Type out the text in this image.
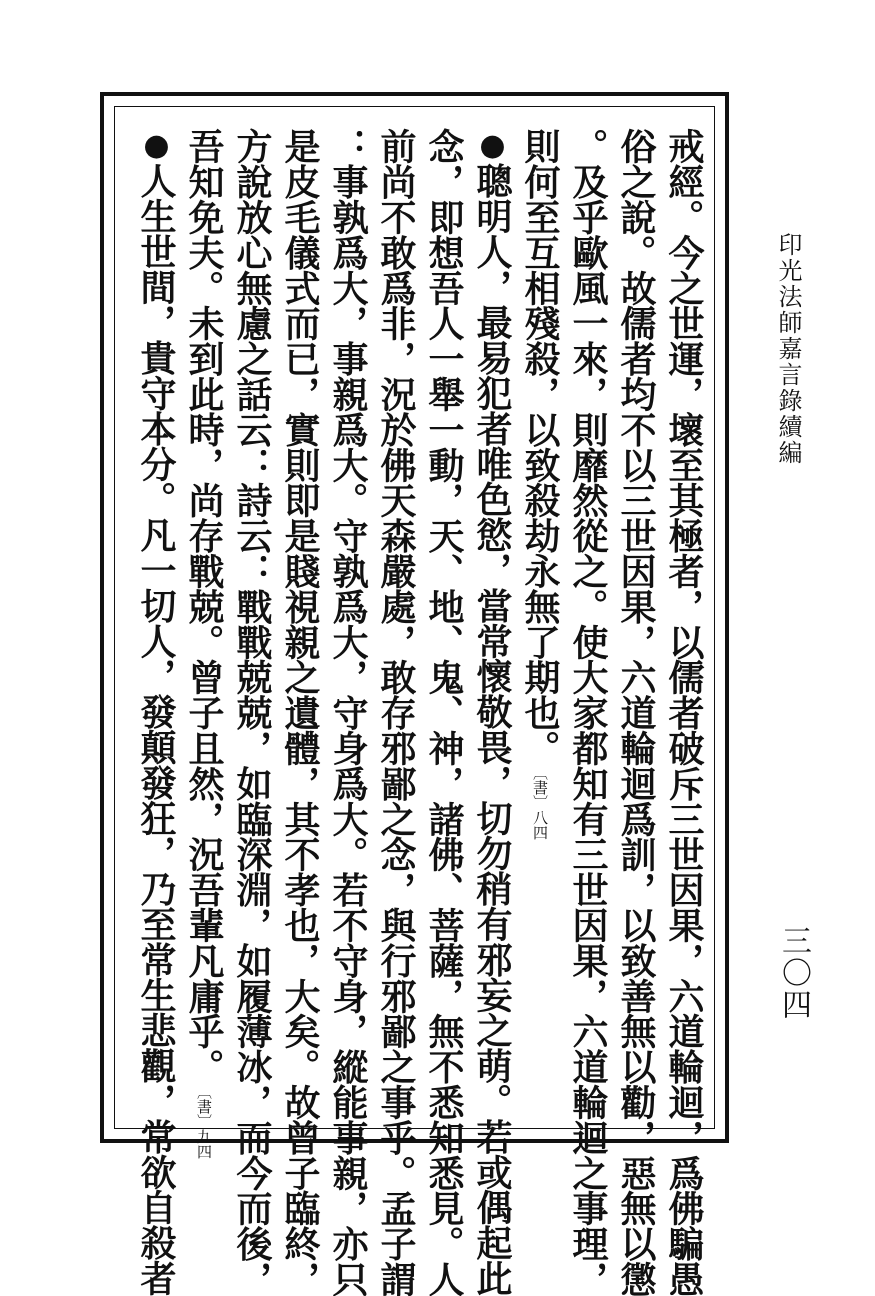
印光法師嘉言錄續編
三〇四
戒經。今之世運，壞至其極者，以儒者破斥三世因果，六道輪迴，爲佛騙愚
俗之說。故儒者均不以三世因果，六道輪迴爲訓，以致善無以勸，惡無以懲
。及乎歐風一來，則靡然從之。使大家都知有三世因果，六道輪迴之事理，
則何至互相殘殺，以致殺劫永無了期也。〔書〕八四
●聰明人，最易犯者唯色慾，當常懷敬畏，切勿稍有邪妄之萌。若或偶起此
念，即想吾人一舉一動，天、地、鬼、神，諸佛、菩薩，無不悉知悉見。人
前尚不敢爲非，況於佛天森嚴處，敢存邪鄙之念，與行邪鄙之事乎。孟子謂
：事孰爲大，事親爲大。守孰爲大，守身爲大。若不守身，縱能事親，亦只
是皮毛儀式而已，實則即是賤視親之遺體，其不孝也，大矣。故曾子臨終，
方說放心無慮之話云：詩云：戰戰兢兢，如臨深淵，如履薄冰，而今而後，
吾知免夫。未到此時，尚存戰兢。曾子且然，況吾輩凡庸乎。〔書〕九四
●人生世間，貴守本分。凡一切人，發顛發狂，乃至常生悲觀，常欲自殺者
